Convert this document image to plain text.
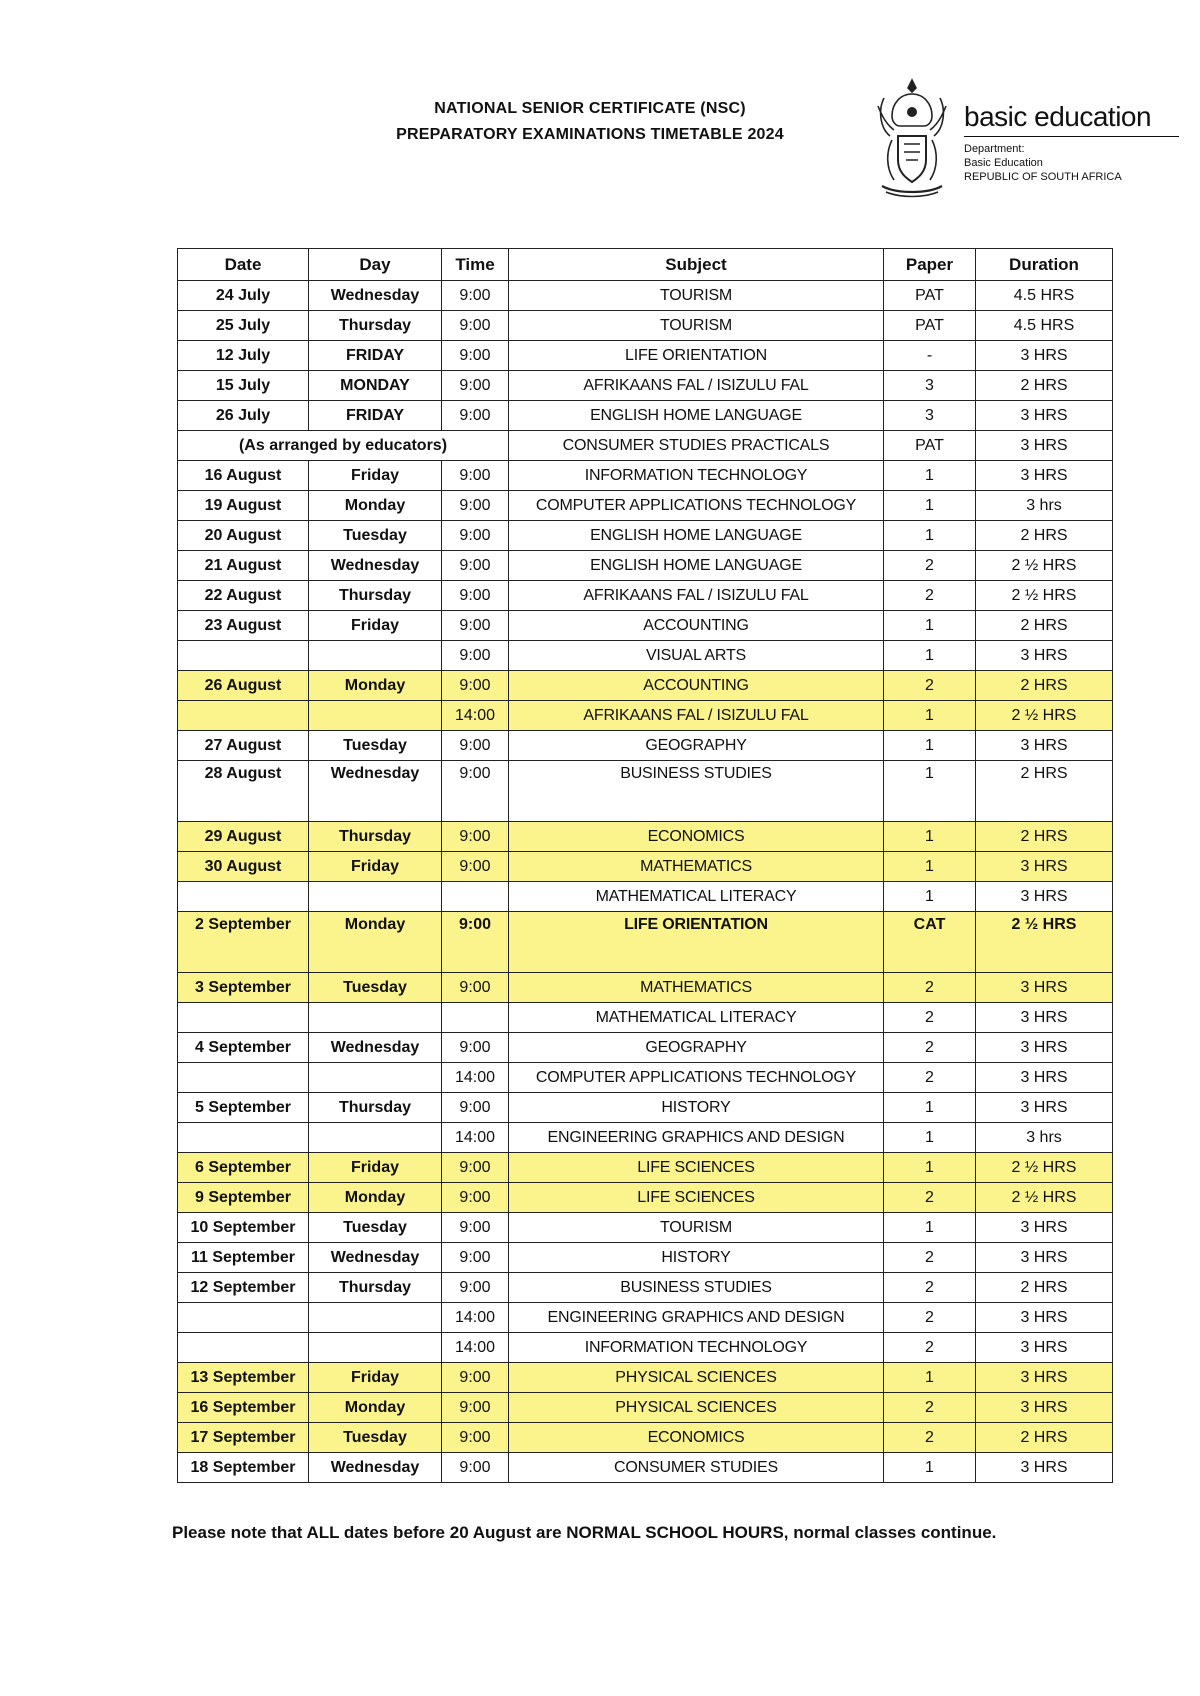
NATIONAL SENIOR CERTIFICATE (NSC)
PREPARATORY EXAMINATIONS TIMETABLE 2024
basic education
Department:
Basic Education
REPUBLIC OF SOUTH AFRICA
Date	Day	Time	Subject	Paper	Duration
24 July	Wednesday	9:00	TOURISM	PAT	4.5 HRS
25 July	Thursday	9:00	TOURISM	PAT	4.5 HRS
12 July	FRIDAY	9:00	LIFE ORIENTATION	-	3 HRS
15 July	MONDAY	9:00	AFRIKAANS FAL / ISIZULU FAL	3	2 HRS
26 July	FRIDAY	9:00	ENGLISH HOME LANGUAGE	3	3 HRS
(As arranged by educators)			CONSUMER STUDIES PRACTICALS	PAT	3 HRS
16 August	Friday	9:00	INFORMATION TECHNOLOGY	1	3 HRS
19 August	Monday	9:00	COMPUTER APPLICATIONS TECHNOLOGY	1	3 hrs
20 August	Tuesday	9:00	ENGLISH HOME LANGUAGE	1	2 HRS
21 August	Wednesday	9:00	ENGLISH HOME LANGUAGE	2	2 ½ HRS
22 August	Thursday	9:00	AFRIKAANS FAL / ISIZULU FAL	2	2 ½ HRS
23 August	Friday	9:00	ACCOUNTING	1	2 HRS
		9:00	VISUAL ARTS	1	3 HRS
26 August	Monday	9:00	ACCOUNTING	2	2 HRS
		14:00	AFRIKAANS FAL / ISIZULU FAL	1	2 ½ HRS
27 August	Tuesday	9:00	GEOGRAPHY	1	3 HRS
28 August	Wednesday	9:00	BUSINESS STUDIES	1	2 HRS
29 August	Thursday	9:00	ECONOMICS	1	2 HRS
30 August	Friday	9:00	MATHEMATICS	1	3 HRS
			MATHEMATICAL LITERACY	1	3 HRS
2 September	Monday	9:00	LIFE ORIENTATION	CAT	2 ½ HRS
3 September	Tuesday	9:00	MATHEMATICS	2	3 HRS
			MATHEMATICAL LITERACY	2	3 HRS
4 September	Wednesday	9:00	GEOGRAPHY	2	3 HRS
		14:00	COMPUTER APPLICATIONS TECHNOLOGY	2	3 HRS
5 September	Thursday	9:00	HISTORY	1	3 HRS
		14:00	ENGINEERING GRAPHICS AND DESIGN	1	3 hrs
6 September	Friday	9:00	LIFE SCIENCES	1	2 ½ HRS
9 September	Monday	9:00	LIFE SCIENCES	2	2 ½ HRS
10 September	Tuesday	9:00	TOURISM	1	3 HRS
11 September	Wednesday	9:00	HISTORY	2	3 HRS
12 September	Thursday	9:00	BUSINESS STUDIES	2	2 HRS
		14:00	ENGINEERING GRAPHICS AND DESIGN	2	3 HRS
		14:00	INFORMATION TECHNOLOGY	2	3 HRS
13 September	Friday	9:00	PHYSICAL SCIENCES	1	3 HRS
16 September	Monday	9:00	PHYSICAL SCIENCES	2	3 HRS
17 September	Tuesday	9:00	ECONOMICS	2	2 HRS
18 September	Wednesday	9:00	CONSUMER STUDIES	1	3 HRS
Please note that ALL dates before 20 August are NORMAL SCHOOL HOURS, normal classes continue.
